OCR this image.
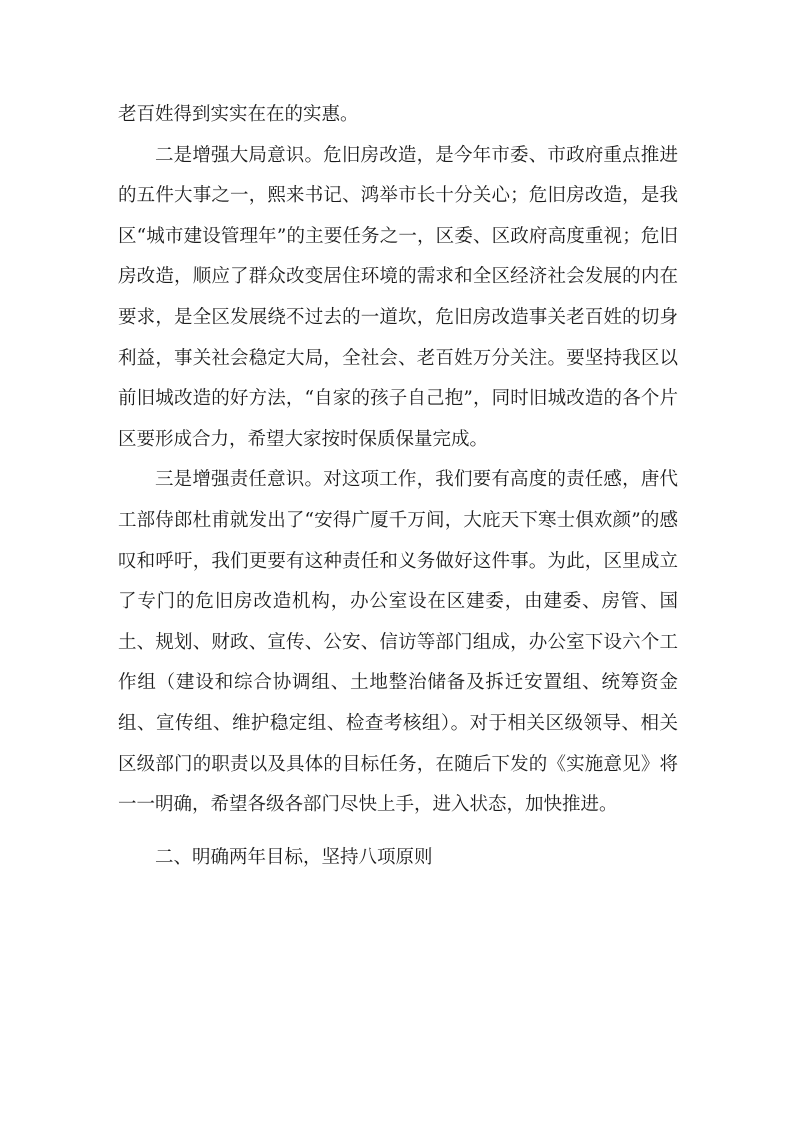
老百姓得到实实在在的实惠。

二是增强大局意识。危旧房改造，是今年市委、市政府重点推进的五件大事之一，熙来书记、鸿举市长十分关心；危旧房改造，是我区“城市建设管理年”的主要任务之一，区委、区政府高度重视；危旧房改造，顺应了群众改变居住环境的需求和全区经济社会发展的内在要求，是全区发展绕不过去的一道坎，危旧房改造事关老百姓的切身利益，事关社会稳定大局，全社会、老百姓万分关注。要坚持我区以前旧城改造的好方法，“自家的孩子自己抱”，同时旧城改造的各个片区要形成合力，希望大家按时保质保量完成。

三是增强责任意识。对这项工作，我们要有高度的责任感，唐代工部侍郎杜甫就发出了“安得广厦千万间，大庇天下寒士俱欢颜”的感叹和呼吁，我们更要有这种责任和义务做好这件事。为此，区里成立了专门的危旧房改造机构，办公室设在区建委，由建委、房管、国土、规划、财政、宣传、公安、信访等部门组成，办公室下设六个工作组（建设和综合协调组、土地整治储备及拆迁安置组、统筹资金组、宣传组、维护稳定组、检查考核组）。对于相关区级领导、相关区级部门的职责以及具体的目标任务，在随后下发的《实施意见》将一一明确，希望各级各部门尽快上手，进入状态，加快推进。

二、明确两年目标，坚持八项原则
